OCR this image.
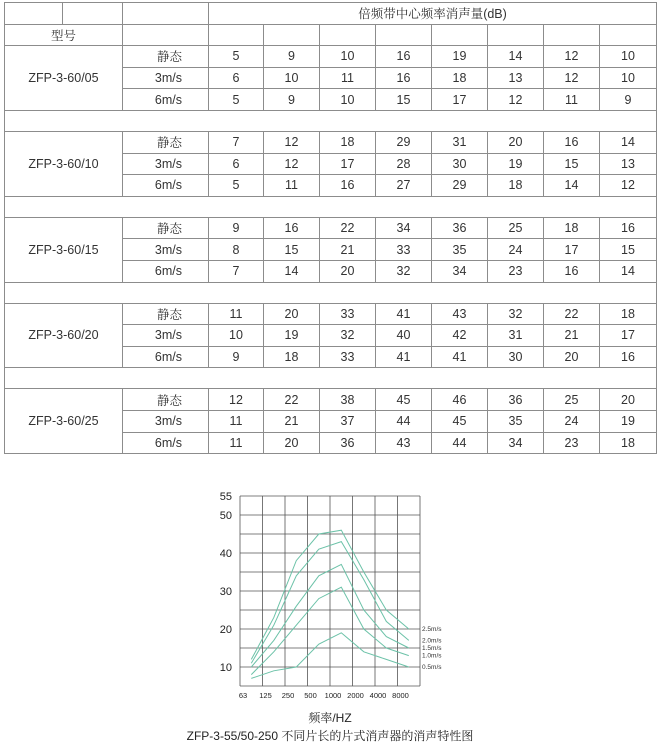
			倍频带中心频率消声量(dB)							
型号										
ZFP-3-60/05		静态	5	9	10	16	19	14	12	10
		3m/s	6	10	11	16	18	13	12	10
		6m/s	5	9	10	15	17	12	11	9

ZFP-3-60/10		静态	7	12	18	29	31	20	16	14
		3m/s	6	12	17	28	30	19	15	13
		6m/s	5	11	16	27	29	18	14	12

ZFP-3-60/15		静态	9	16	22	34	36	25	18	16
		3m/s	8	15	21	33	35	24	17	15
		6m/s	7	14	20	32	34	23	16	14

ZFP-3-60/20		静态	11	20	33	41	43	32	22	18
		3m/s	10	19	32	40	42	31	21	17
		6m/s	9	18	33	41	41	30	20	16

ZFP-3-60/25		静态	12	22	38	45	46	36	25	20
		3m/s	11	21	37	44	45	35	24	19
		6m/s	11	20	36	43	44	34	23	18
10
20
30
40
50
55
63 125 250 500 1000 2000 4000 8000
频率/HZ
2.5m/s
2.0m/s
1.5m/s
1.0m/s
0.5m/s
ZFP-3-55/50-250 不同片长的片式消声器的消声特性图
